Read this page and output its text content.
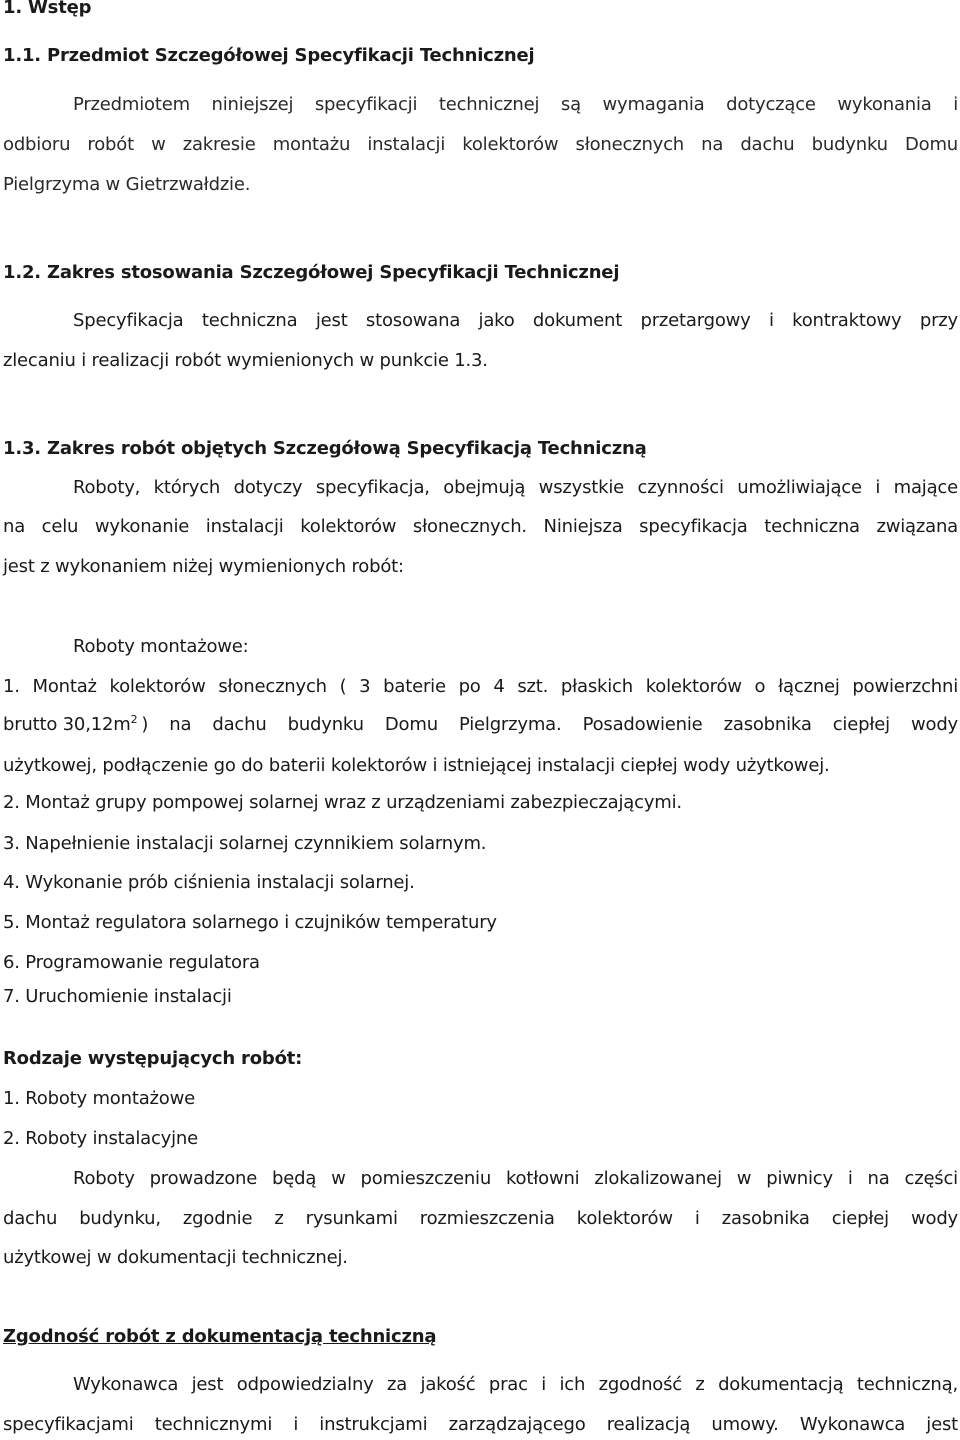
1. Wstęp
1.1. Przedmiot Szczegółowej Specyfikacji Technicznej
Przedmiotem niniejszej specyfikacji technicznej są wymagania dotyczące wykonania i
odbioru robót w zakresie montażu instalacji kolektorów słonecznych na dachu budynku Domu
Pielgrzyma w Gietrzwałdzie.
1.2. Zakres stosowania Szczegółowej Specyfikacji Technicznej
Specyfikacja techniczna jest stosowana jako dokument przetargowy i kontraktowy przy
zlecaniu i realizacji robót wymienionych w punkcie 1.3.
1.3. Zakres robót objętych Szczegółową Specyfikacją Techniczną
Roboty, których dotyczy specyfikacja, obejmują wszystkie czynności umożliwiające i mające
na celu wykonanie instalacji kolektorów słonecznych. Niniejsza specyfikacja techniczna związana
jest z wykonaniem niżej wymienionych robót:
Roboty montażowe:
1. Montaż kolektorów słonecznych ( 3 baterie po 4 szt. płaskich kolektorów o łącznej powierzchni
brutto $30,12m^2$ ) na dachu budynku Domu Pielgrzyma. Posadowienie zasobnika ciepłej wody
użytkowej, podłączenie go do baterii kolektorów i istniejącej instalacji ciepłej wody użytkowej.
2. Montaż grupy pompowej solarnej wraz z urządzeniami zabezpieczającymi.
3. Napełnienie instalacji solarnej czynnikiem solarnym.
4. Wykonanie prób ciśnienia instalacji solarnej.
5. Montaż regulatora solarnego i czujników temperatury
6. Programowanie regulatora
7. Uruchomienie instalacji
Rodzaje występujących robót:
1. Roboty montażowe
2. Roboty instalacyjne
Roboty prowadzone będą w pomieszczeniu kotłowni zlokalizowanej w piwnicy i na części
dachu budynku, zgodnie z rysunkami rozmieszczenia kolektorów i zasobnika ciepłej wody
użytkowej w dokumentacji technicznej.
Zgodność robót z dokumentacją techniczną
Wykonawca jest odpowiedzialny za jakość prac i ich zgodność z dokumentacją techniczną,
specyfikacjami technicznymi i instrukcjami zarządzającego realizacją umowy. Wykonawca jest
